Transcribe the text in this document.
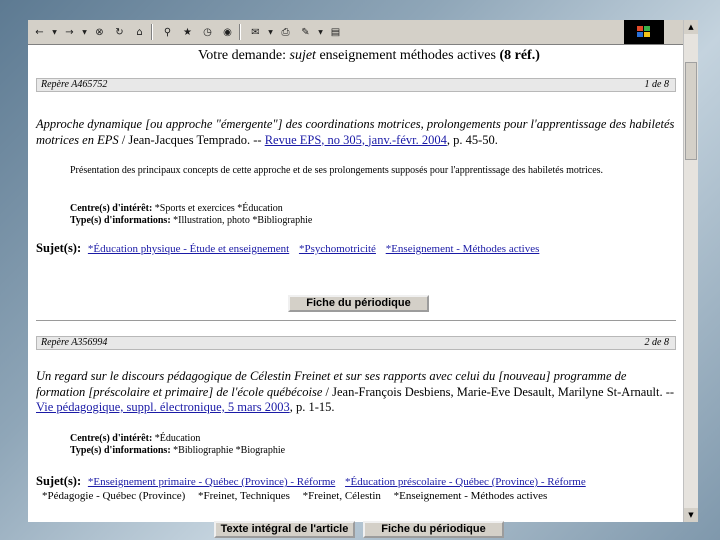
←	▼ →	▼ ⊗	↻	⌂	⚲	★	◷	◉	✉	▼ ⎙	✎	▼ ▤	▲
▼
Votre demande: sujet enseignement méthodes actives (8 réf.)
Repère A465752	1 de 8
Approche dynamique [ou approche "émergente"] des coordinations motrices, prolongements pour l'apprentissage des habiletés motrices en EPS / Jean-Jacques Temprado. -- Revue EPS, no 305, janv.-févr. 2004, p. 45-50.
Présentation des principaux concepts de cette approche et de ses prolongements supposés pour l'apprentissage des habiletés motrices.
Centre(s) d'intérêt: *Sports et exercices *Éducation
Type(s) d'informations: *Illustration, photo *Bibliographie
Sujet(s): *Éducation physique - Étude et enseignement *Psychomotricité *Enseignement - Méthodes actives
Fiche du périodique
Repère A356994	2 de 8
Un regard sur le discours pédagogique de Célestin Freinet et sur ses rapports avec celui du [nouveau] programme de formation [préscolaire et primaire] de l'école québécoise / Jean-François Desbiens, Marie-Eve Desault, Marilyne St-Arnault. -- Vie pédagogique, suppl. électronique, 5 mars 2003, p. 1-15.
Centre(s) d'intérêt: *Éducation
Type(s) d'informations: *Bibliographie *Biographie
Sujet(s): *Enseignement primaire - Québec (Province) - Réforme *Éducation préscolaire - Québec (Province) - Réforme
*Pédagogie - Québec (Province) *Freinet, Techniques *Freinet, Célestin *Enseignement - Méthodes actives
Texte intégral de l'article	Fiche du périodique
